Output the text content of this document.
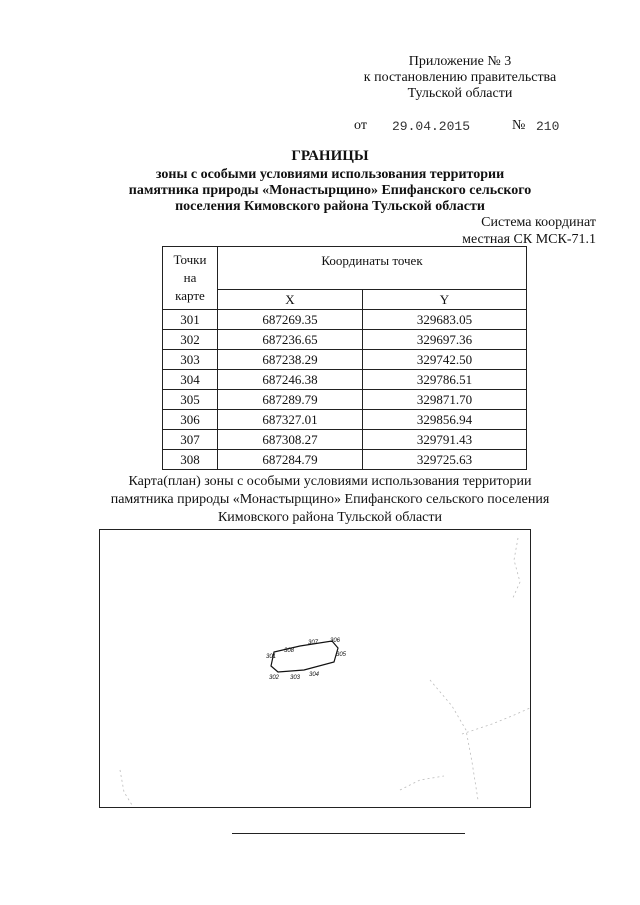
Приложение № 3
к постановлению правительства
Тульской области
от 29.04.2015	№ 210
ГРАНИЦЫ
зоны с особыми условиями использования территории
памятника природы «Монастырщино» Епифанского сельского
поселения Кимовского района Тульской области
Система координат
местная СК МСК-71.1
Точки
на
карте	Координаты точек	
	X	Y
301	687269.35	329683.05
302	687236.65	329697.36
303	687238.29	329742.50
304	687246.38	329786.51
305	687289.79	329871.70
306	687327.01	329856.94
307	687308.27	329791.43
308	687284.79	329725.63
Карта(план) зоны с особыми условиями использования территории
памятника природы «Монастырщино» Епифанского сельского поселения
Кимовского района Тульской области
301
302 303 304
305
306
307
308
